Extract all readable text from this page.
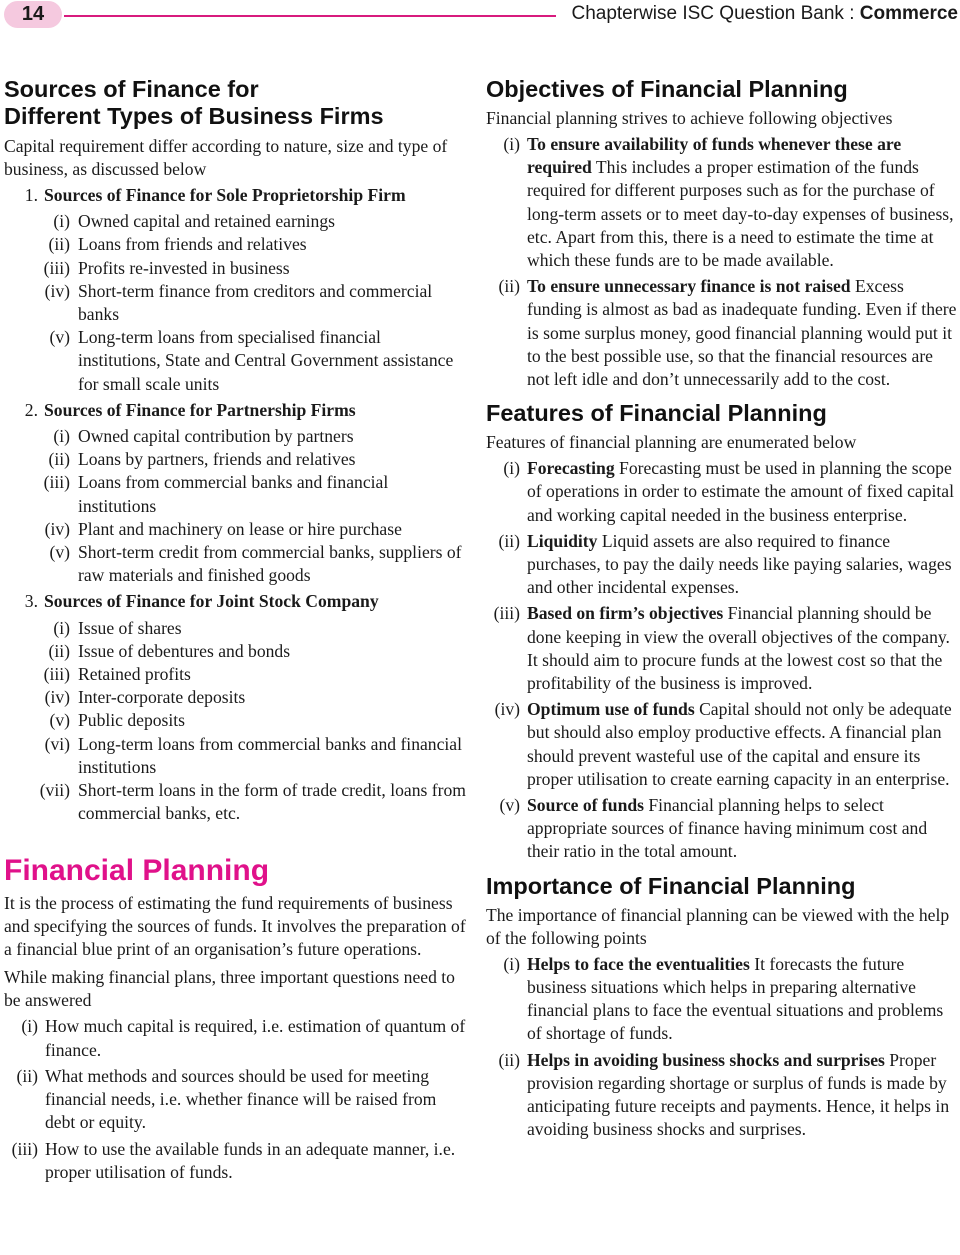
14	Chapterwise ISC Question Bank : Commerce
Sources of Finance for
Different Types of Business Firms

Capital requirement differ according to nature, size and type of business, as discussed below

1. Sources of Finance for Sole Proprietorship Firm
(i) Owned capital and retained earnings
(ii) Loans from friends and relatives
(iii) Profits re-invested in business
(iv) Short-term finance from creditors and commercial banks
(v) Long-term loans from specialised financial institutions, State and Central Government assistance for small scale units
2. Sources of Finance for Partnership Firms
(i) Owned capital contribution by partners
(ii) Loans by partners, friends and relatives
(iii) Loans from commercial banks and financial institutions
(iv) Plant and machinery on lease or hire purchase
(v) Short-term credit from commercial banks, suppliers of raw materials and finished goods
3. Sources of Finance for Joint Stock Company
(i) Issue of shares
(ii) Issue of debentures and bonds
(iii) Retained profits
(iv) Inter-corporate deposits
(v) Public deposits
(vi) Long-term loans from commercial banks and financial institutions
(vii) Short-term loans in the form of trade credit, loans from commercial banks, etc.
Financial Planning

It is the process of estimating the fund requirements of business and specifying the sources of funds. It involves the preparation of a financial blue print of an organisation’s future operations.

While making financial plans, three important questions need to be answered

(i) How much capital is required, i.e. estimation of quantum of finance.
(ii) What methods and sources should be used for meeting financial needs, i.e. whether finance will be raised from debt or equity.
(iii) How to use the available funds in an adequate manner, i.e. proper utilisation of funds.
Objectives of Financial Planning

Financial planning strives to achieve following objectives

(i) To ensure availability of funds whenever these are required This includes a proper estimation of the funds required for different purposes such as for the purchase of long-term assets or to meet day-to-day expenses of business, etc. Apart from this, there is a need to estimate the time at which these funds are to be made available.
(ii) To ensure unnecessary finance is not raised Excess funding is almost as bad as inadequate funding. Even if there is some surplus money, good financial planning would put it to the best possible use, so that the financial resources are not left idle and don’t unnecessarily add to the cost.
Features of Financial Planning

Features of financial planning are enumerated below

(i) Forecasting Forecasting must be used in planning the scope of operations in order to estimate the amount of fixed capital and working capital needed in the business enterprise.
(ii) Liquidity Liquid assets are also required to finance purchases, to pay the daily needs like paying salaries, wages and other incidental expenses.
(iii) Based on firm’s objectives Financial planning should be done keeping in view the overall objectives of the company. It should aim to procure funds at the lowest cost so that the profitability of the business is improved.
(iv) Optimum use of funds Capital should not only be adequate but should also employ productive effects. A financial plan should prevent wasteful use of the capital and ensure its proper utilisation to create earning capacity in an enterprise.
(v) Source of funds Financial planning helps to select appropriate sources of finance having minimum cost and their ratio in the total amount.
Importance of Financial Planning

The importance of financial planning can be viewed with the help of the following points

(i) Helps to face the eventualities It forecasts the future business situations which helps in preparing alternative financial plans to face the eventual situations and problems of shortage of funds.
(ii) Helps in avoiding business shocks and surprises Proper provision regarding shortage or surplus of funds is made by anticipating future receipts and payments. Hence, it helps in avoiding business shocks and surprises.
